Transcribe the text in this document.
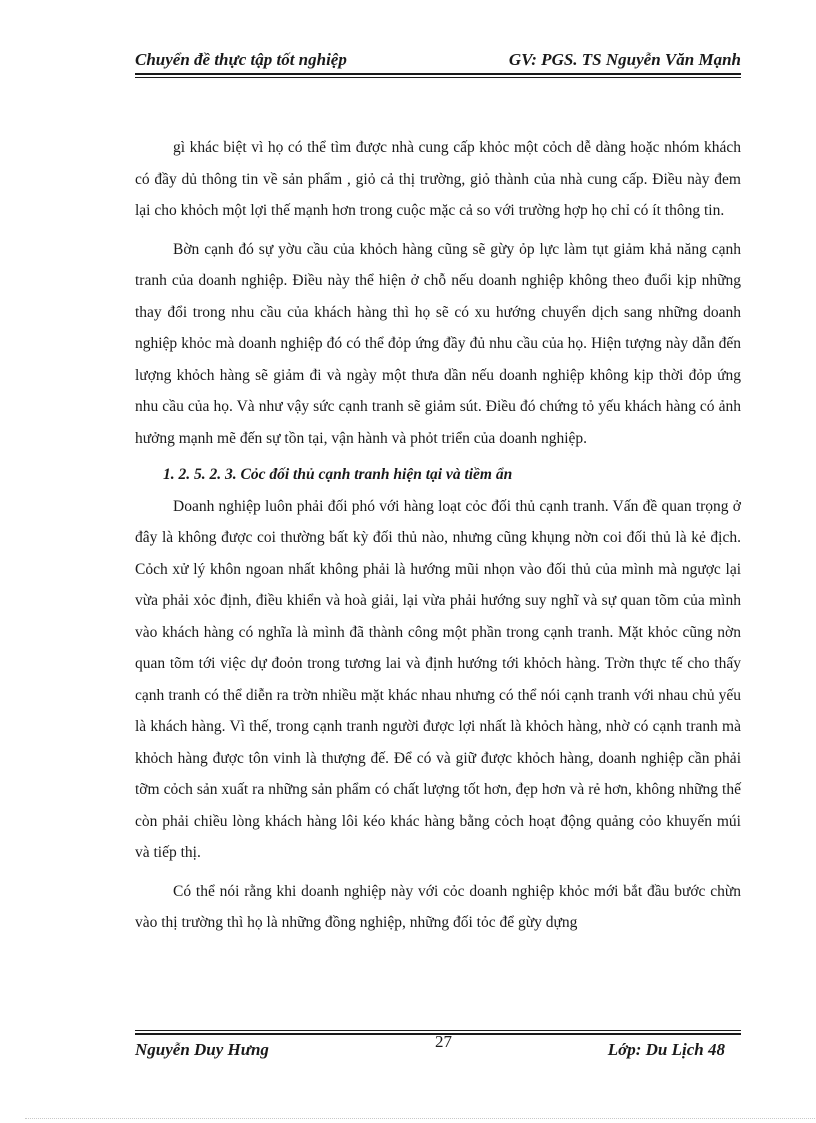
Chuyển đề thực tập tốt nghiệp	GV: PGS. TS Nguyễn Văn Mạnh

gì khác biệt vì họ có thể tìm được nhà cung cấp khỏc một cỏch dễ dàng hoặc nhóm khách có đầy dủ thông tin về sản phẩm , giỏ cả thị trường, giỏ thành của nhà cung cấp. Điều này đem lại cho khỏch một lợi thế mạnh hơn trong cuộc mặc cả so với trường hợp họ chỉ có ít thông tin.

Bờn cạnh đó sự yờu cầu của khỏch hàng cũng sẽ gừy ỏp lực làm tụt giảm khả năng cạnh tranh của doanh nghiệp. Điều này thể hiện ở chỗ nếu doanh nghiệp không theo đuổi kịp những thay đổi trong nhu cầu của khách hàng thì họ sẽ có xu hướng chuyển dịch sang những doanh nghiệp khỏc mà doanh nghiệp đó có thể đỏp ứng đầy đủ nhu cầu của họ. Hiện tượng này dẫn đến lượng khỏch hàng sẽ giảm đi và ngày một thưa dần nếu doanh nghiệp không kịp thời đỏp ứng nhu cầu của họ. Và như vậy sức cạnh tranh sẽ giảm sút. Điều đó chứng tỏ yếu khách hàng có ảnh hưởng mạnh mẽ đến sự tồn tại, vận hành và phỏt triển của doanh nghiệp.

1. 2. 5. 2. 3. Cỏc đối thủ cạnh tranh hiện tại và tiềm ẩn

Doanh nghiệp luôn phải đối phó với hàng loạt cỏc đối thủ cạnh tranh. Vấn đề quan trọng ở đây là không được coi thường bất kỳ đối thủ nào, nhưng cũng khụng nờn coi đối thủ là kẻ địch. Cỏch xử lý khôn ngoan nhất không phải là hướng mũi nhọn vào đối thủ của mình mà ngược lại vừa phải xỏc định, điều khiển và hoà giải, lại vừa phải hướng suy nghĩ và sự quan tõm của mình vào khách hàng có nghĩa là mình đã thành công một phần trong cạnh tranh. Mặt khỏc cũng nờn quan tõm tới việc dự đoỏn trong tương lai và định hướng tới khỏch hàng. Trờn thực tế cho thấy cạnh tranh có thể diễn ra trờn nhiều mặt khác nhau nhưng có thể nói cạnh tranh với nhau chủ yếu là khách hàng. Vì thế, trong cạnh tranh người được lợi nhất là khỏch hàng, nhờ có cạnh tranh mà khỏch hàng được tôn vinh là thượng đế. Để có và giữ được khỏch hàng, doanh nghiệp cần phải tỡm cỏch sản xuất ra những sản phẩm có chất lượng tốt hơn, đẹp hơn và rẻ hơn, không những thế còn phải chiều lòng khách hàng lôi kéo khác hàng bằng cỏch hoạt động quảng cỏo khuyến múi và tiếp thị.

Có thể nói rằng khi doanh nghiệp này với cỏc doanh nghiệp khỏc mới bắt đầu bước chừn vào thị trường thì họ là những đồng nghiệp, những đối tỏc để gừy dựng

Nguyễn Duy Hưng	27	Lớp: Du Lịch 48
